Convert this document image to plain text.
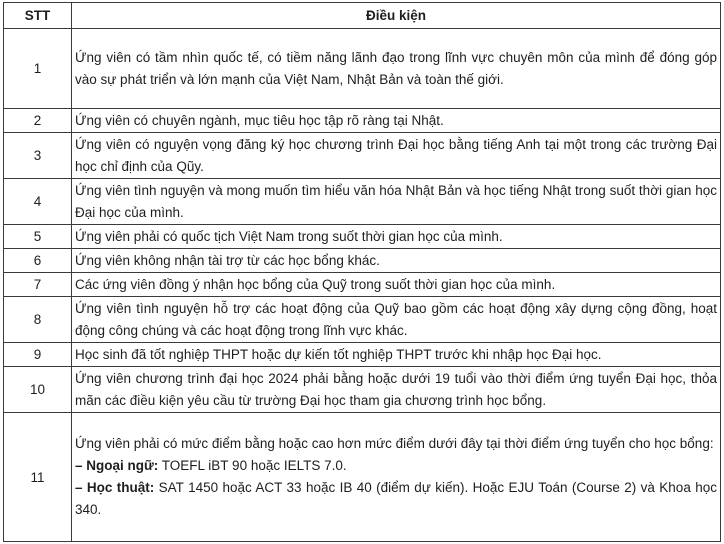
STT	Điều kiện
1	Ứng viên có tầm nhìn quốc tế, có tiềm năng lãnh đạo trong lĩnh vực chuyên môn của mình để đóng góp vào sự phát triển và lớn mạnh của Việt Nam, Nhật Bản và toàn thế giới.
2	Ứng viên có chuyên ngành, mục tiêu học tập rõ ràng tại Nhật.
3	Ứng viên có nguyện vọng đăng ký học chương trình Đại học bằng tiếng Anh tại một trong các trường Đại học chỉ định của Qũy.
4	Ứng viên tình nguyện và mong muốn tìm hiểu văn hóa Nhật Bản và học tiếng Nhật trong suốt thời gian học Đại học của mình.
5	Ứng viên phải có quốc tịch Việt Nam trong suốt thời gian học của mình.
6	Ứng viên không nhận tài trợ từ các học bổng khác.
7	Các ứng viên đồng ý nhận học bổng của Quỹ trong suốt thời gian học của mình.
8	Ứng viên tình nguyện hỗ trợ các hoạt động của Quỹ bao gồm các hoạt động xây dựng cộng đồng, hoạt động công chúng và các hoạt động trong lĩnh vực khác.
9	Học sinh đã tốt nghiệp THPT hoặc dự kiến tốt nghiệp THPT trước khi nhập học Đại học.
10	Ứng viên chương trình đại học 2024 phải bằng hoặc dưới 19 tuổi vào thời điểm ứng tuyển Đại học, thỏa mãn các điều kiện yêu cầu từ trường Đại học tham gia chương trình học bổng.
11	Ứng viên phải có mức điểm bằng hoặc cao hơn mức điểm dưới đây tại thời điểm ứng tuyển cho học bổng:
– Ngoại ngữ: TOEFL iBT 90 hoặc IELTS 7.0.
– Học thuật: SAT 1450 hoặc ACT 33 hoặc IB 40 (điểm dự kiến). Hoặc EJU Toán (Course 2) và Khoa học 340.
